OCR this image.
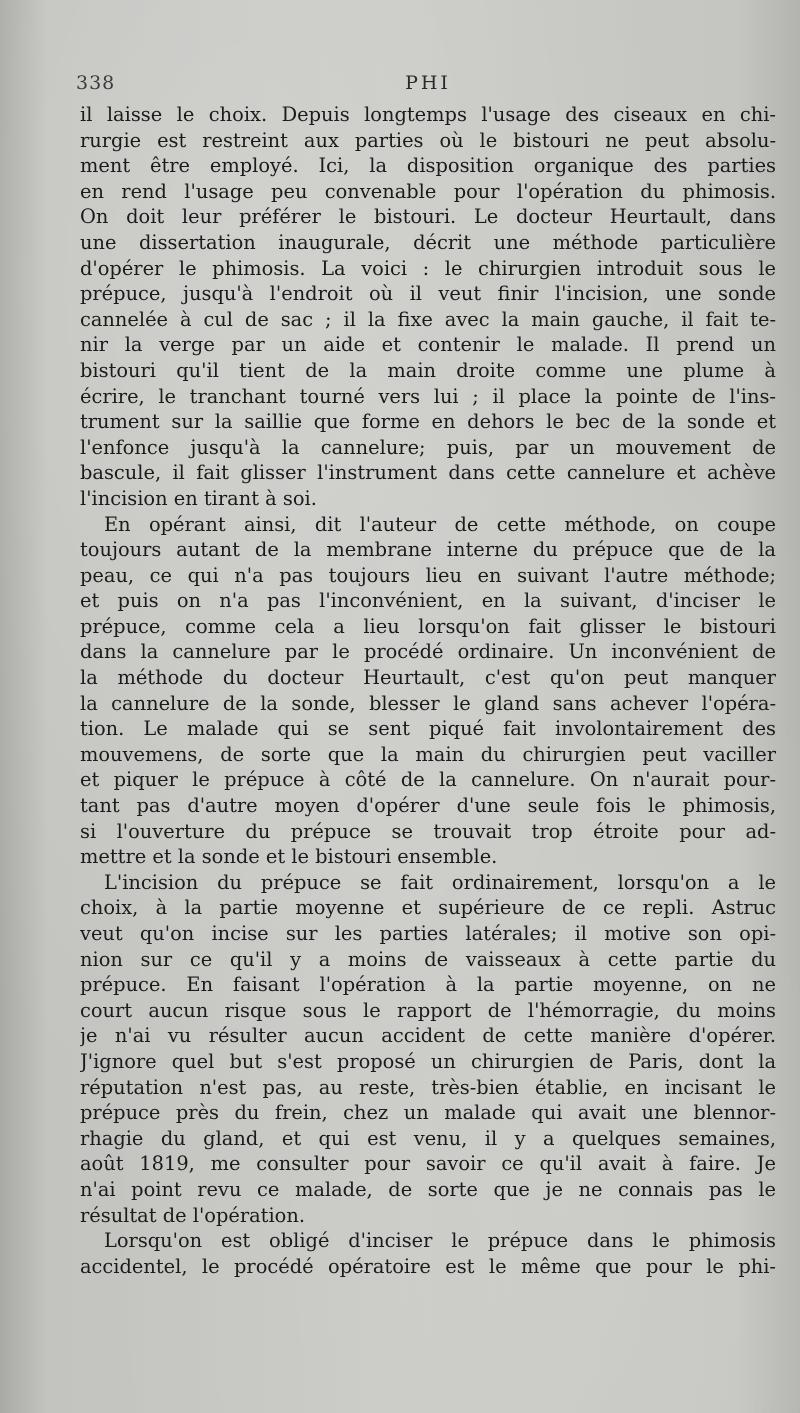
338	PHI

il laisse le choix. Depuis longtemps l'usage des ciseaux en chi-
rurgie est restreint aux parties où le bistouri ne peut absolu-
ment être employé. Ici, la disposition organique des parties
en rend l'usage peu convenable pour l'opération du phimosis.
On doit leur préférer le bistouri. Le docteur Heurtault, dans
une dissertation inaugurale, décrit une méthode particulière
d'opérer le phimosis. La voici : le chirurgien introduit sous le
prépuce, jusqu'à l'endroit où il veut finir l'incision, une sonde
cannelée à cul de sac ; il la fixe avec la main gauche, il fait te-
nir la verge par un aide et contenir le malade. Il prend un
bistouri qu'il tient de la main droite comme une plume à
écrire, le tranchant tourné vers lui ; il place la pointe de l'ins-
trument sur la saillie que forme en dehors le bec de la sonde et
l'enfonce jusqu'à la cannelure; puis, par un mouvement de
bascule, il fait glisser l'instrument dans cette cannelure et achève
l'incision en tirant à soi.

En opérant ainsi, dit l'auteur de cette méthode, on coupe
toujours autant de la membrane interne du prépuce que de la
peau, ce qui n'a pas toujours lieu en suivant l'autre méthode;
et puis on n'a pas l'inconvénient, en la suivant, d'inciser le
prépuce, comme cela a lieu lorsqu'on fait glisser le bistouri
dans la cannelure par le procédé ordinaire. Un inconvénient de
la méthode du docteur Heurtault, c'est qu'on peut manquer
la cannelure de la sonde, blesser le gland sans achever l'opéra-
tion. Le malade qui se sent piqué fait involontairement des
mouvemens, de sorte que la main du chirurgien peut vaciller
et piquer le prépuce à côté de la cannelure. On n'aurait pour-
tant pas d'autre moyen d'opérer d'une seule fois le phimosis,
si l'ouverture du prépuce se trouvait trop étroite pour ad-
mettre et la sonde et le bistouri ensemble.

L'incision du prépuce se fait ordinairement, lorsqu'on a le
choix, à la partie moyenne et supérieure de ce repli. Astruc
veut qu'on incise sur les parties latérales; il motive son opi-
nion sur ce qu'il y a moins de vaisseaux à cette partie du
prépuce. En faisant l'opération à la partie moyenne, on ne
court aucun risque sous le rapport de l'hémorragie, du moins
je n'ai vu résulter aucun accident de cette manière d'opérer.
J'ignore quel but s'est proposé un chirurgien de Paris, dont la
réputation n'est pas, au reste, très-bien établie, en incisant le
prépuce près du frein, chez un malade qui avait une blennor-
rhagie du gland, et qui est venu, il y a quelques semaines,
août 1819, me consulter pour savoir ce qu'il avait à faire. Je
n'ai point revu ce malade, de sorte que je ne connais pas le
résultat de l'opération.

Lorsqu'on est obligé d'inciser le prépuce dans le phimosis
accidentel, le procédé opératoire est le même que pour le phi-
